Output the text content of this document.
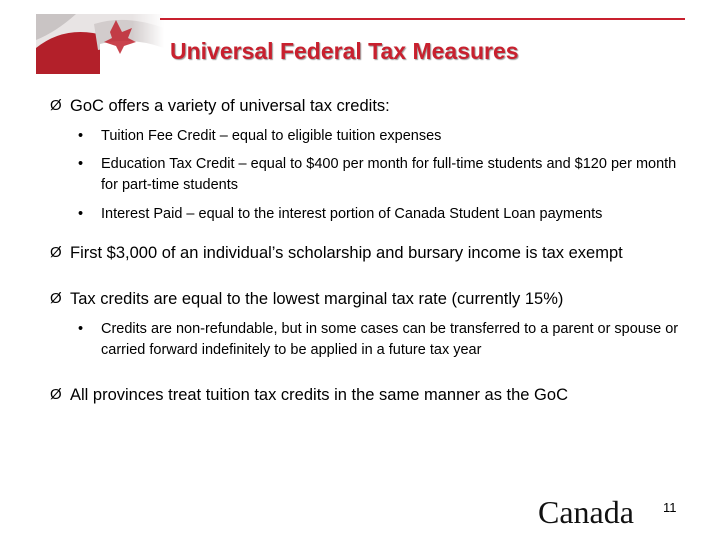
Universal Federal Tax Measures
Ø GoC offers a variety of universal tax credits:
• Tuition Fee Credit – equal to eligible tuition expenses
• Education Tax Credit – equal to $400 per month for full-time students and $120 per month for part-time students
• Interest Paid – equal to the interest portion of Canada Student Loan payments
Ø First $3,000 of an individual’s scholarship and bursary income is tax exempt
Ø Tax credits are equal to the lowest marginal tax rate (currently 15%)
• Credits are non-refundable, but in some cases can be transferred to a parent or spouse or carried forward indefinitely to be applied in a future tax year
Ø All provinces treat tuition tax credits in the same manner as the GoC
Canada 11
